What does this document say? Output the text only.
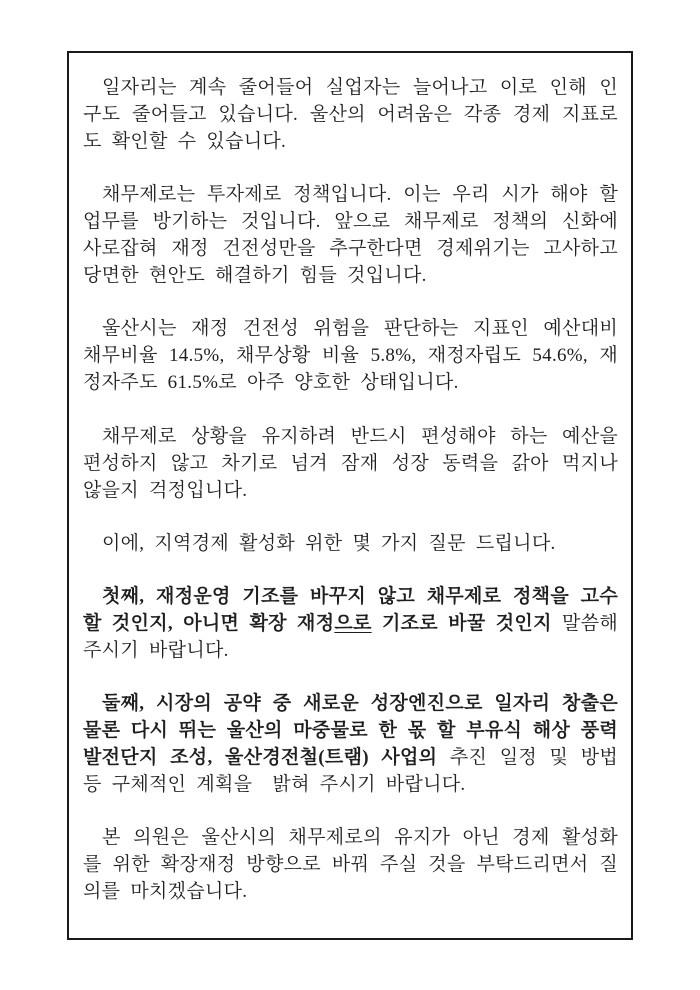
일자리는 계속 줄어들어 실업자는 늘어나고 이로 인해 인구도 줄어들고 있습니다. 울산의 어려움은 각종 경제 지표로도 확인할 수 있습니다.

채무제로는 투자제로 정책입니다. 이는 우리 시가 해야 할 업무를 방기하는 것입니다. 앞으로 채무제로 정책의 신화에 사로잡혀 재정 건전성만을 추구한다면 경제위기는 고사하고 당면한 현안도 해결하기 힘들 것입니다.

울산시는 재정 건전성 위험을 판단하는 지표인 예산대비 채무비율 14.5%, 채무상황 비율 5.8%, 재정자립도 54.6%, 재정자주도 61.5%로 아주 양호한 상태입니다.

채무제로 상황을 유지하려 반드시 편성해야 하는 예산을 편성하지 않고 차기로 넘겨 잠재 성장 동력을 갉아 먹지나 않을지 걱정입니다.

이에, 지역경제 활성화 위한 몇 가지 질문 드립니다.

첫째, 재정운영 기조를 바꾸지 않고 채무제로 정책을 고수할 것인지, 아니면 확장 재정으로 기조로 바꿀 것인지 말씀해주시기 바랍니다.

둘째, 시장의 공약 중 새로운 성장엔진으로 일자리 창출은 물론 다시 뛰는 울산의 마중물로 한 몫 할 부유식 해상 풍력발전단지 조성, 울산경전철(트램) 사업의 추진 일정 및 방법 등 구체적인 계획을  밝혀 주시기 바랍니다.

본 의원은 울산시의 채무제로의 유지가 아닌 경제 활성화를 위한 확장재정 방향으로 바꿔 주실 것을 부탁드리면서 질의를 마치겠습니다.
